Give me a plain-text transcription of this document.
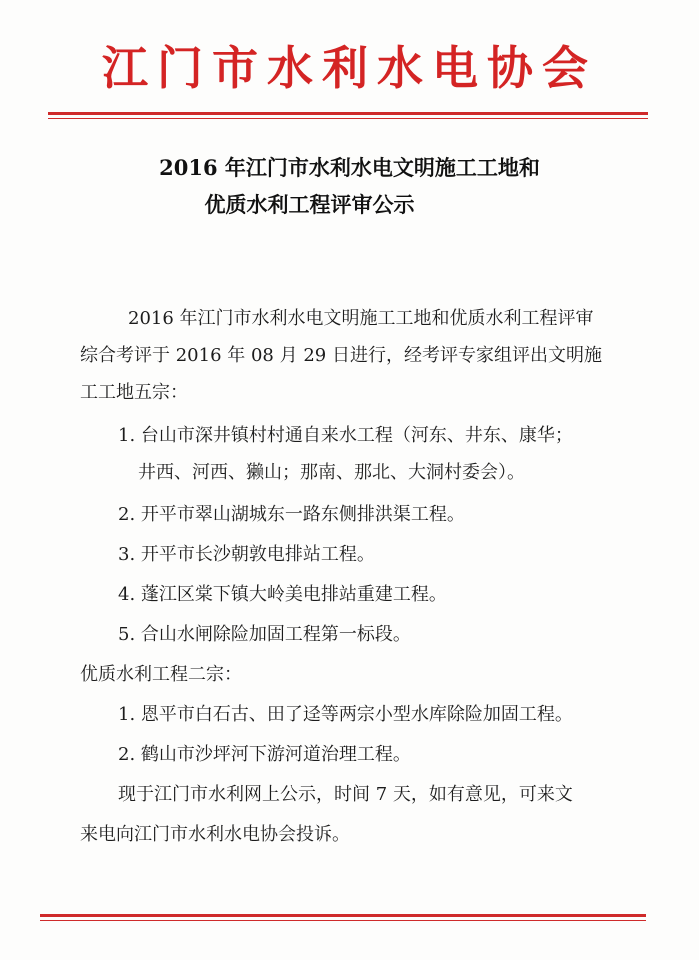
江门市水利水电协会
2016 年江门市水利水电文明施工工地和
优质水利工程评审公示
2016 年江门市水利水电文明施工工地和优质水利工程评审
综合考评于 2016 年 08 月 29 日进行，经考评专家组评出文明施
工工地五宗：
1. 台山市深井镇村村通自来水工程（河东、井东、康华；
井西、河西、獭山；那南、那北、大洞村委会）。
2. 开平市翠山湖城东一路东侧排洪渠工程。
3. 开平市长沙朝敦电排站工程。
4. 蓬江区棠下镇大岭美电排站重建工程。
5. 合山水闸除险加固工程第一标段。
优质水利工程二宗：
1. 恩平市白石古、田了迳等两宗小型水库除险加固工程。
2. 鹤山市沙坪河下游河道治理工程。
现于江门市水利网上公示，时间 7 天，如有意见，可来文
来电向江门市水利水电协会投诉。
